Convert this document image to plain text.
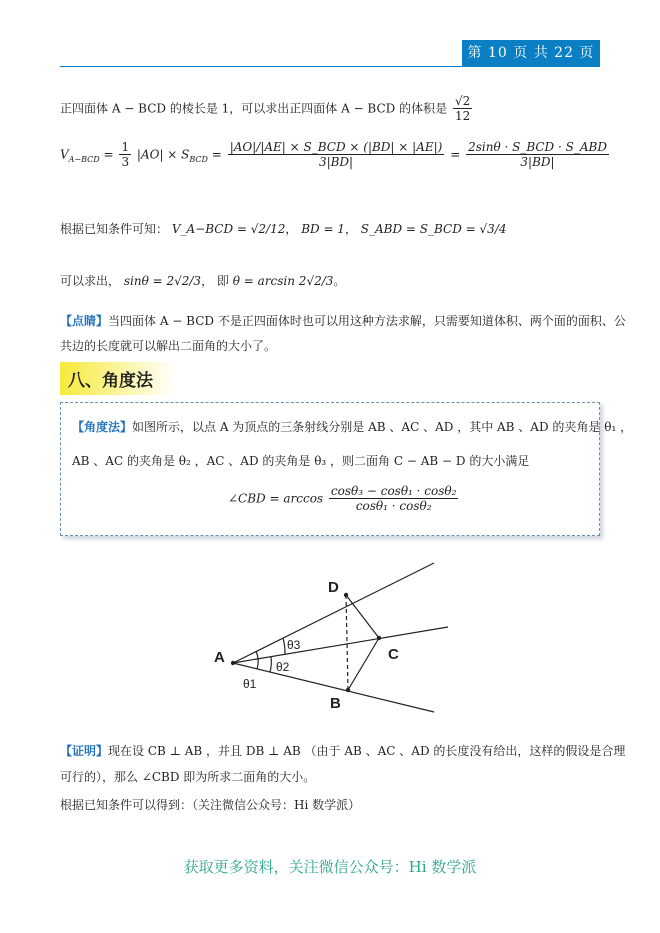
第 10 页 共 22 页
正四面体 A − BCD 的棱长是 1，可以求出正四面体 A − BCD 的体积是 $\frac{√2}{12}$
$V_{A-BCD} = \frac{1}{3} |AO| \times S_{BCD} = \frac{\text{|AO|/|AE| × S\_BCD × (|BD| × |AE|)}}{3|BD|} = \frac{\text{2sinθ · S\_BCD · S\_ABD}}{3|BD|}$
根据已知条件可知： V_A−BCD = √2/12， BD = 1， S_ABD = S_BCD = √3/4
可以求出， sinθ = 2√2/3， 即 θ = arcsin 2√2/3。
【点睛】当四面体 A − BCD 不是正四面体时也可以用这种方法求解，只需要知道体积、两个面的面积、公
共边的长度就可以解出二面角的大小了。
八、角度法
【角度法】如图所示，以点 A 为顶点的三条射线分别是 AB 、AC 、AD ，其中 AB 、AD 的夹角是 θ₁ ，
AB 、AC 的夹角是 θ₂ ，AC 、AD 的夹角是 θ₃ ，则二面角 C − AB − D 的大小满足
∠CBD = $\arccos \frac{\text{cosθ₃ − cosθ₁ · cosθ₂}}{\text{cosθ₁ · cosθ₂}}$
A
D
C
B
θ3
θ2
θ1
【证明】现在设 CB ⊥ AB ，并且 DB ⊥ AB （由于 AB 、AC 、AD 的长度没有给出，这样的假设是合理
可行的），那么 ∠CBD 即为所求二面角的大小。
根据已知条件可以得到：（关注微信公众号：Hi 数学派）
获取更多资料，关注微信公众号：Hi 数学派
